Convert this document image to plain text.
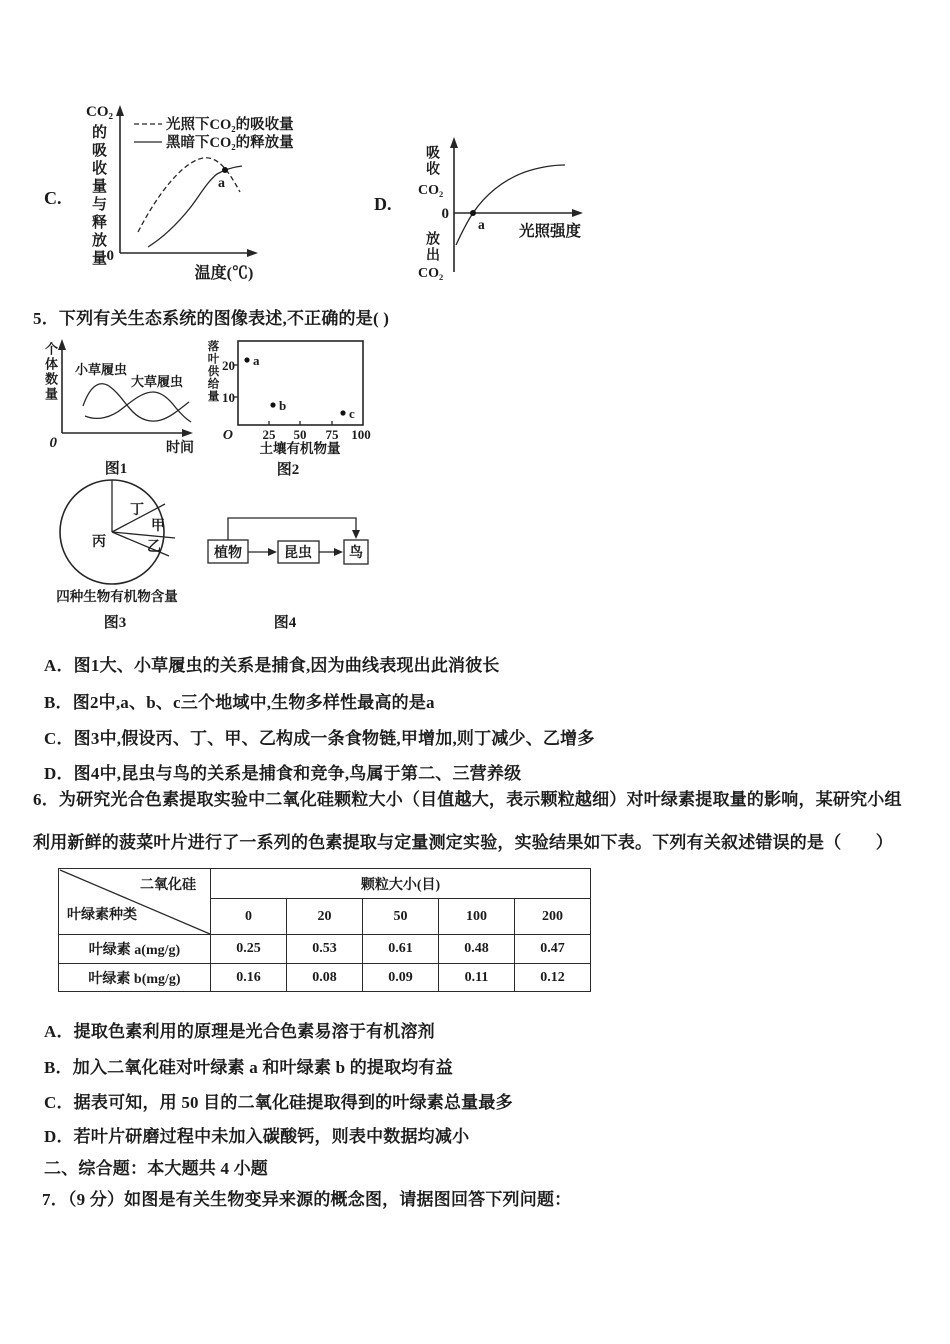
C.
CO₂
的吸收量与释放量	光照下CO₂的吸收量
黑暗下CO₂的释放量
a
0
温度(℃)
D.
吸收
CO₂
放出
CO₂
0
a 光照强度
5．下列有关生态系统的图像表述,不正确的是( )
个体数量 小草履虫
大草履虫
0	时间
图1
落叶供给量 20
10
25 50 75 100
O
a
b
c
土壤有机物量
图2
丁
甲
乙
丙
四种生物有机物含量
图3
植物	昆虫	鸟
图4
A．图1大、小草履虫的关系是捕食,因为曲线表现出此消彼长
B．图2中,a、b、c三个地域中,生物多样性最高的是a
C．图3中,假设丙、丁、甲、乙构成一条食物链,甲增加,则丁减少、乙增多
D．图4中,昆虫与鸟的关系是捕食和竞争,鸟属于第二、三营养级
6．为研究光合色素提取实验中二氧化硅颗粒大小（目值越大，表示颗粒越细）对叶绿素提取量的影响，某研究小组
利用新鲜的菠菜叶片进行了一系列的色素提取与定量测定实验，实验结果如下表。下列有关叙述错误的是（　　）
二氧化硅
叶绿素种类	颗粒大小(目)				
	0	20	50	100	200
叶绿素 a(mg/g)	0.25	0.53	0.61	0.48	0.47
叶绿素 b(mg/g)	0.16	0.08	0.09	0.11	0.12
A．提取色素利用的原理是光合色素易溶于有机溶剂
B．加入二氧化硅对叶绿素 a 和叶绿素 b 的提取均有益
C．据表可知，用 50 目的二氧化硅提取得到的叶绿素总量最多
D．若叶片研磨过程中未加入碳酸钙，则表中数据均减小
二、综合题：本大题共 4 小题
7．（9 分）如图是有关生物变异来源的概念图，请据图回答下列问题：
